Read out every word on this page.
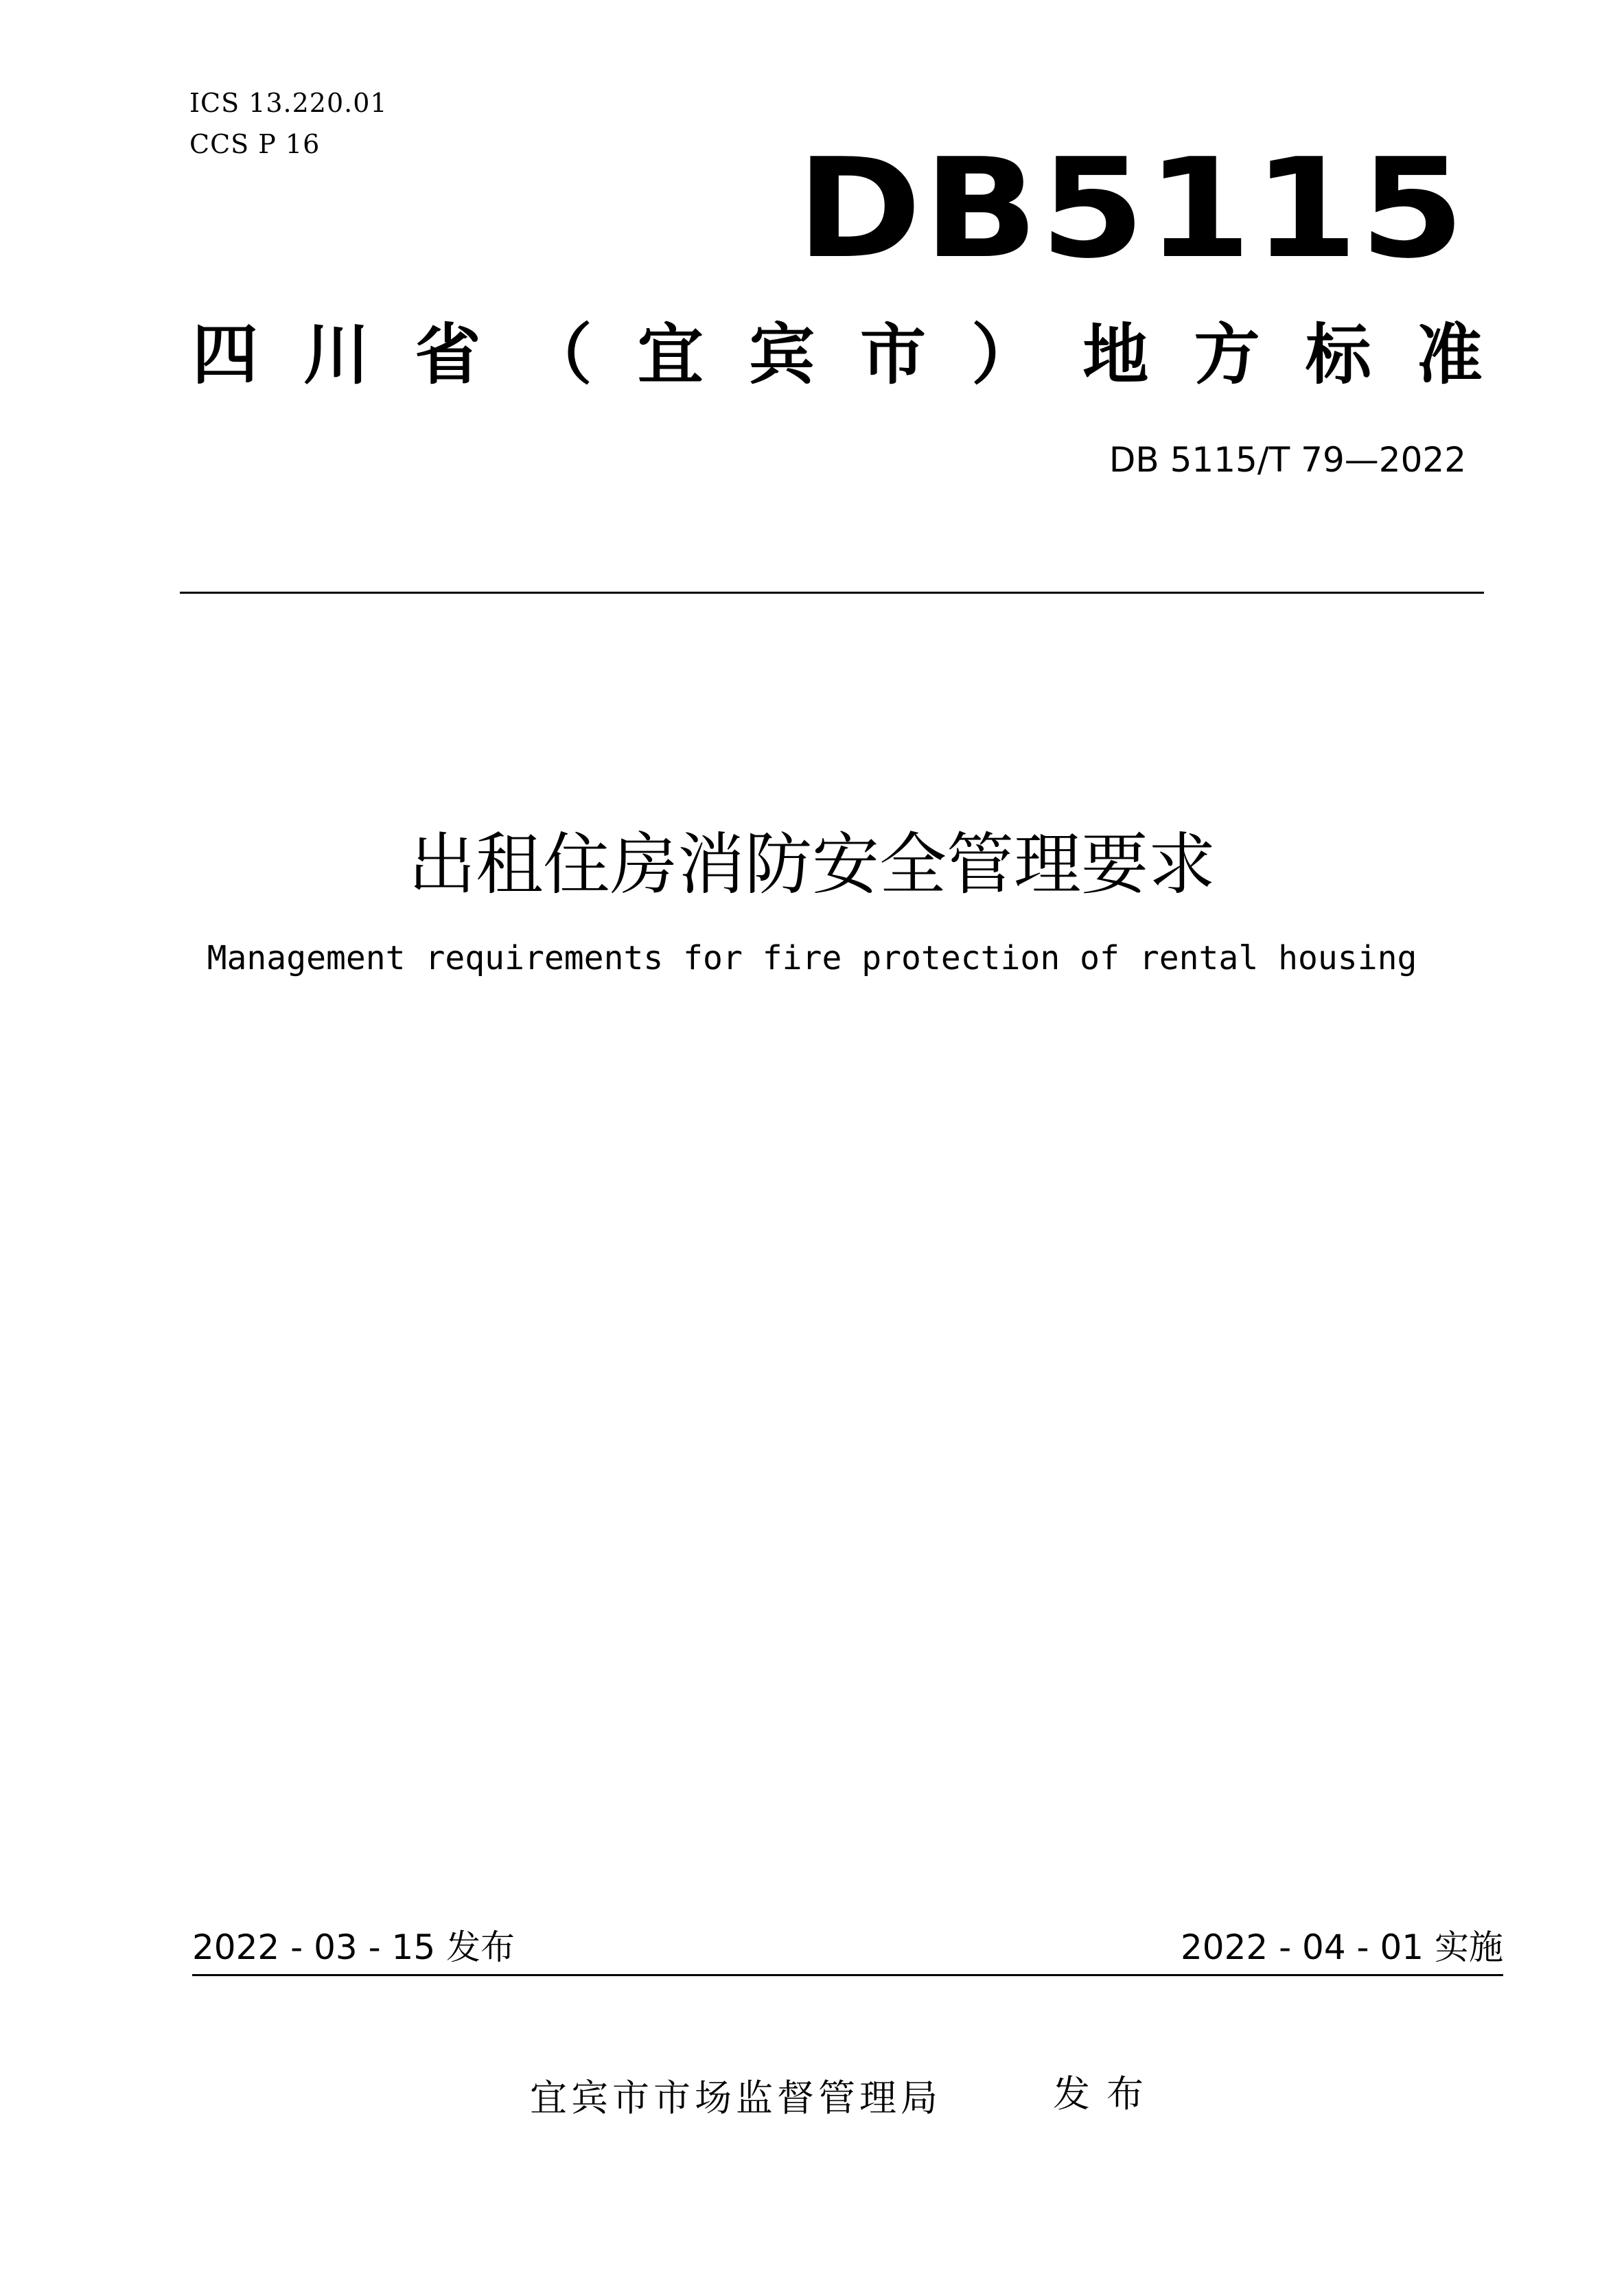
ICS 13.220.01
CCS P 16	DB5115
四 川 省 （ 宜 宾 市 ） 地 方 标 准
DB 5115/T 79—2022
出租住房消防安全管理要求
Management requirements for fire protection of rental housing
2022 - 03 - 15 发布	2022 - 04 - 01 实施
宜宾市市场监督管理局	发布
